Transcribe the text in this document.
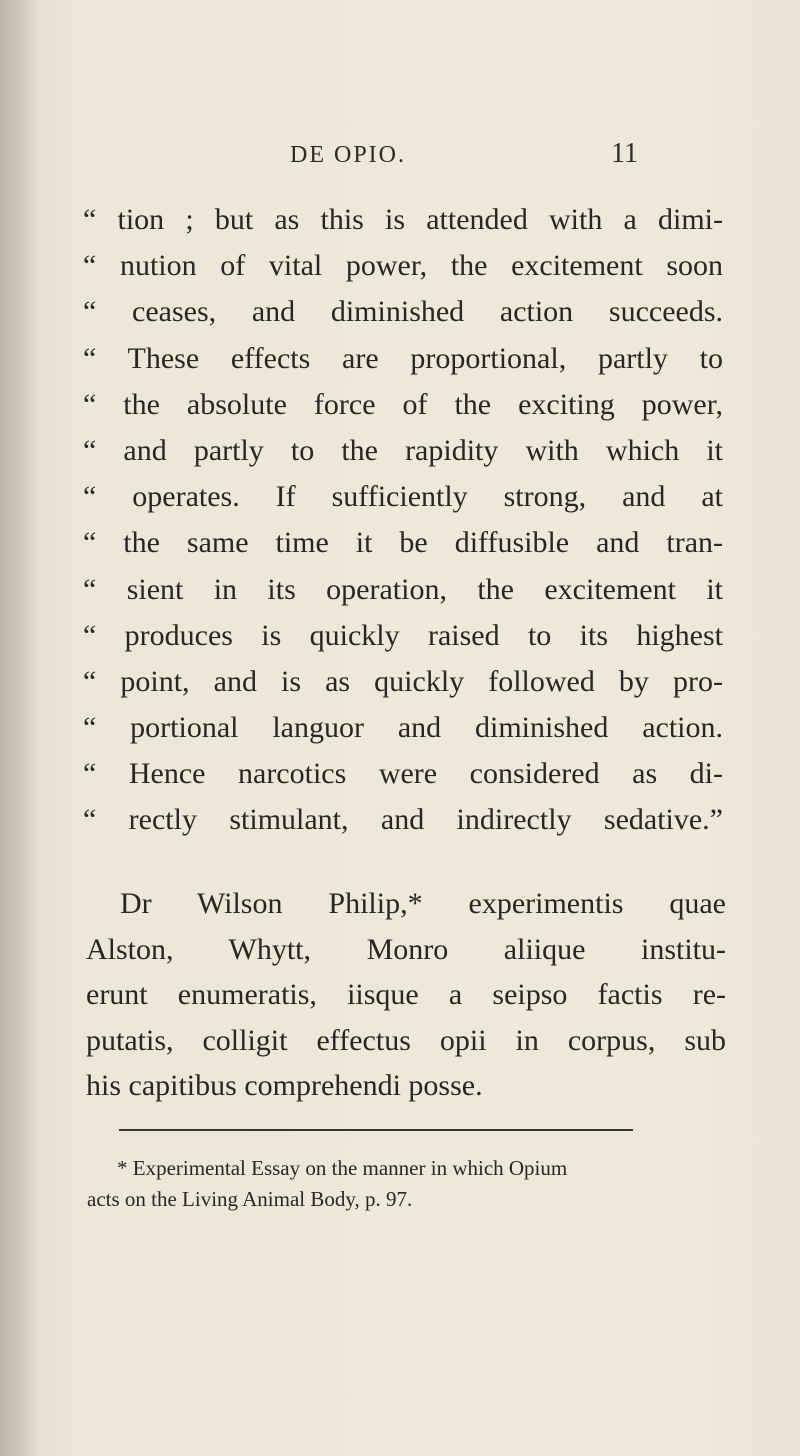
DE OPIO.	11
“ tion ; but as this is attended with a dimi-
“ nution of vital power, the excitement soon
“ ceases, and diminished action succeeds.
“ These effects are proportional, partly to
“ the absolute force of the exciting power,
“ and partly to the rapidity with which it
“ operates. If sufficiently strong, and at
“ the same time it be diffusible and tran-
“ sient in its operation, the excitement it
“ produces is quickly raised to its highest
“ point, and is as quickly followed by pro-
“ portional languor and diminished action.
“ Hence narcotics were considered as di-
“ rectly stimulant, and indirectly sedative.”
Dr Wilson Philip,* experimentis quae
Alston, Whytt, Monro aliique institu-
erunt enumeratis, iisque a seipso factis re-
putatis, colligit effectus opii in corpus, sub
his capitibus comprehendi posse.
* Experimental Essay on the manner in which Opium
acts on the Living Animal Body, p. 97.
